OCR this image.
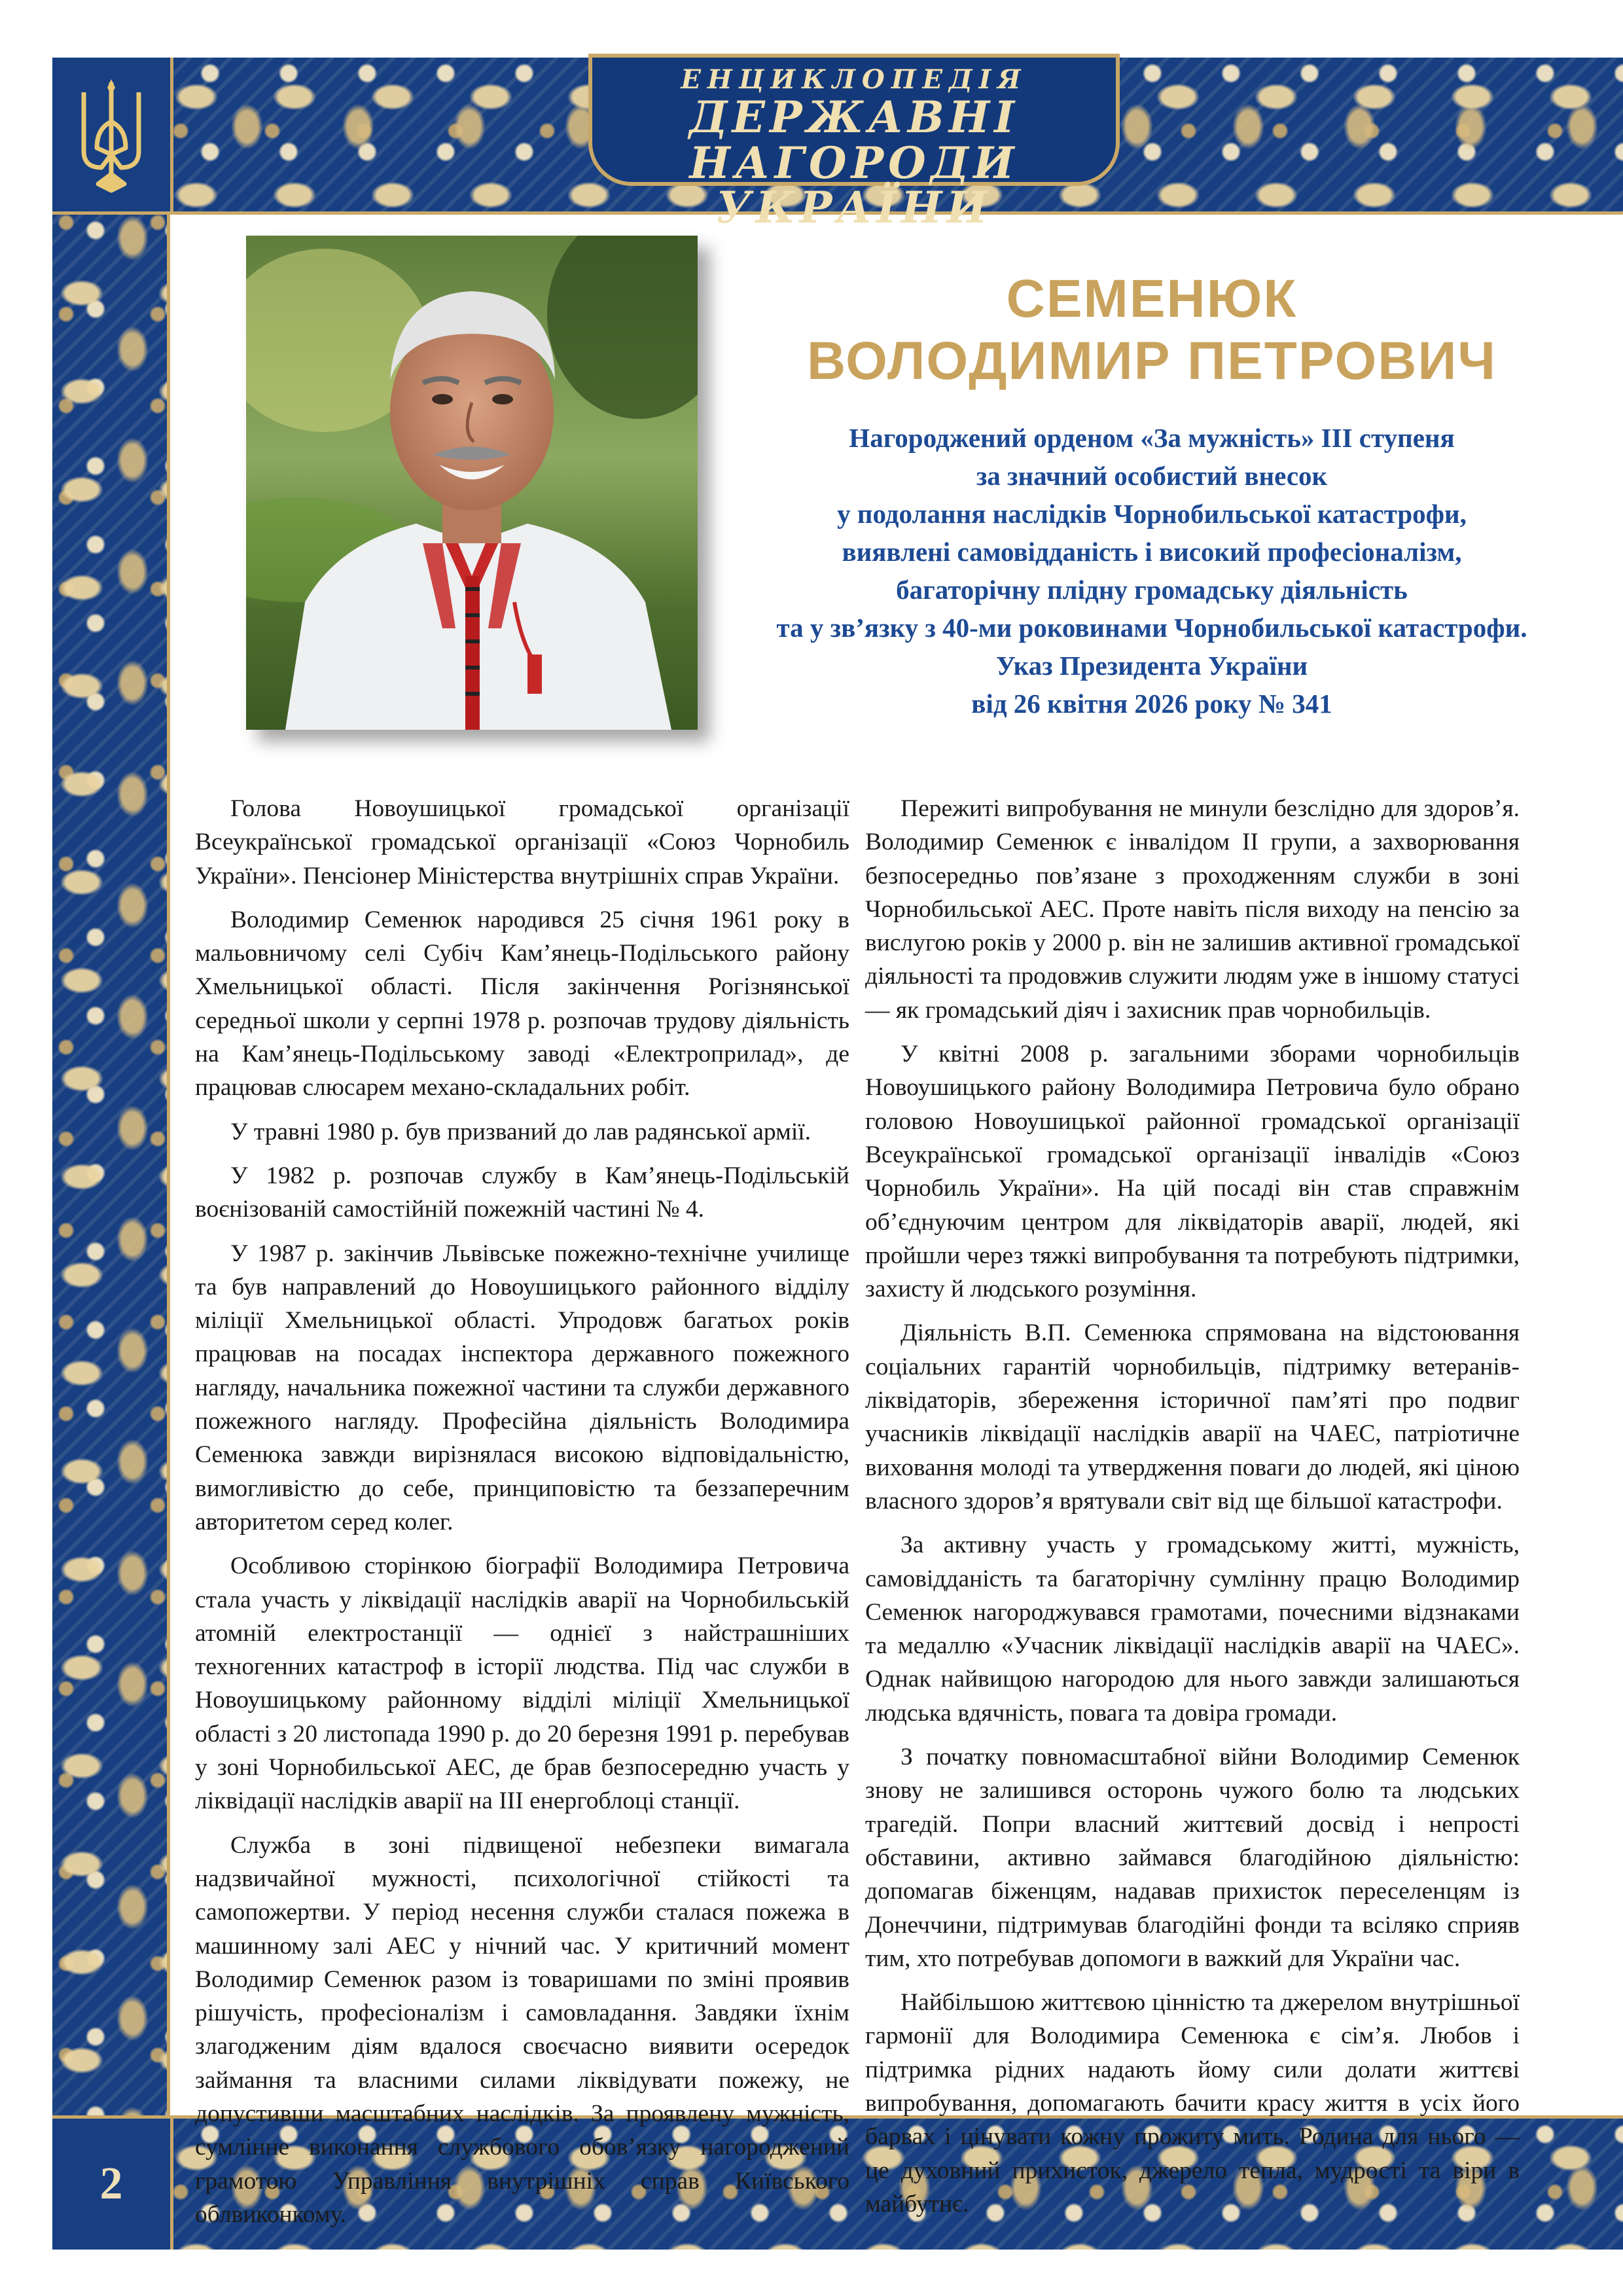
ЕНЦИКЛОПЕДІЯ
ДЕРЖАВНІ НАГОРОДИ
УКРАЇНИ
2
СЕМЕНЮК
ВОЛОДИМИР ПЕТРОВИЧ
Нагороджений орденом «За мужність» ІІІ ступеня
за значний особистий внесок
у подолання наслідків Чорнобильської катастрофи,
виявлені самовідданість і високий професіоналізм,
багаторічну плідну громадську діяльність
та у зв’язку з 40-ми роковинами Чорнобильської катастрофи.
Указ Президента України
від 26 квітня 2026 року № 341

Голова Новоушицької громадської організації Всеукраїнської громадської організації «Союз Чорнобиль України». Пенсіонер Міністерства внутрішніх справ України.

Володимир Семенюк народився 25 січня 1961 року в мальовничому селі Субіч Кам’янець-Подільського району Хмельницької області. Після закінчення Рогізнянської середньої школи у серпні 1978 р. розпочав трудову діяльність на Кам’янець-Подільському заводі «Електроприлад», де працював слюсарем механо-складальних робіт.

У травні 1980 р. був призваний до лав радянської армії.

У 1982 р. розпочав службу в Кам’янець-Подільській воєнізованій самостійній пожежній частині № 4.

У 1987 р. закінчив Львівське пожежно-технічне училище та був направлений до Новоушицького районного відділу міліції Хмельницької області. Упродовж багатьох років працював на посадах інспектора державного пожежного нагляду, начальника пожежної частини та служби державного пожежного нагляду. Професійна діяльність Володимира Семенюка завжди вирізнялася високою відповідальністю, вимогливістю до себе, принциповістю та беззаперечним авторитетом серед колег.

Особливою сторінкою біографії Володимира Петровича стала участь у ліквідації наслідків аварії на Чорнобильській атомній електростанції — однієї з найстрашніших техногенних катастроф в історії людства. Під час служби в Новоушицькому районному відділі міліції Хмельницької області з 20 листопада 1990 р. до 20 березня 1991 р. перебував у зоні Чорнобильської АЕС, де брав безпосередню участь у ліквідації наслідків аварії на ІІІ енергоблоці станції.

Служба в зоні підвищеної небезпеки вимагала надзвичайної мужності, психологічної стійкості та самопожертви. У період несення служби сталася пожежа в машинному залі АЕС у нічний час. У критичний момент Володимир Семенюк разом із товаришами по зміні проявив рішучість, професіоналізм і самовладання. Завдяки їхнім злагодженим діям вдалося своєчасно виявити осередок займання та власними силами ліквідувати пожежу, не допустивши масштабних наслідків. За проявлену мужність, сумлінне виконання службового обов’язку нагороджений грамотою Управління внутрішніх справ Київського облвиконкому.

Пережиті випробування не минули безслідно для здоров’я. Володимир Семенюк є інвалідом ІІ групи, а захворювання безпосередньо пов’язане з проходженням служби в зоні Чорнобильської АЕС. Проте навіть після виходу на пенсію за вислугою років у 2000 р. він не залишив активної громадської діяльності та продовжив служити людям уже в іншому статусі — як громадський діяч і захисник прав чорнобильців.

У квітні 2008 р. загальними зборами чорнобильців Новоушицького району Володимира Петровича було обрано головою Новоушицької районної громадської організації Всеукраїнської громадської організації інвалідів «Союз Чорнобиль України». На цій посаді він став справжнім об’єднуючим центром для ліквідаторів аварії, людей, які пройшли через тяжкі випробування та потребують підтримки, захисту й людського розуміння.

Діяльність В.П. Семенюка спрямована на відстоювання соціальних гарантій чорнобильців, підтримку ветеранів-ліквідаторів, збереження історичної пам’яті про подвиг учасників ліквідації наслідків аварії на ЧАЕС, патріотичне виховання молоді та утвердження поваги до людей, які ціною власного здоров’я врятували світ від ще більшої катастрофи.

За активну участь у громадському житті, мужність, самовідданість та багаторічну сумлінну працю Володимир Семенюк нагороджувався грамотами, почесними відзнаками та медаллю «Учасник ліквідації наслідків аварії на ЧАЕС». Однак найвищою нагородою для нього завжди залишаються людська вдячність, повага та довіра громади.

З початку повномасштабної війни Володимир Семенюк знову не залишився осторонь чужого болю та людських трагедій. Попри власний життєвий досвід і непрості обставини, активно займався благодійною діяльністю: допомагав біженцям, надавав прихисток переселенцям із Донеччини, підтримував благодійні фонди та всіляко сприяв тим, хто потребував допомоги в важкий для України час.

Найбільшою життєвою цінністю та джерелом внутрішньої гармонії для Володимира Семенюка є сім’я. Любов і підтримка рідних надають йому сили долати життєві випробування, допомагають бачити красу життя в усіх його барвах і цінувати кожну прожиту мить. Родина для нього — це духовний прихисток, джерело тепла, мудрості та віри в майбутнє.
